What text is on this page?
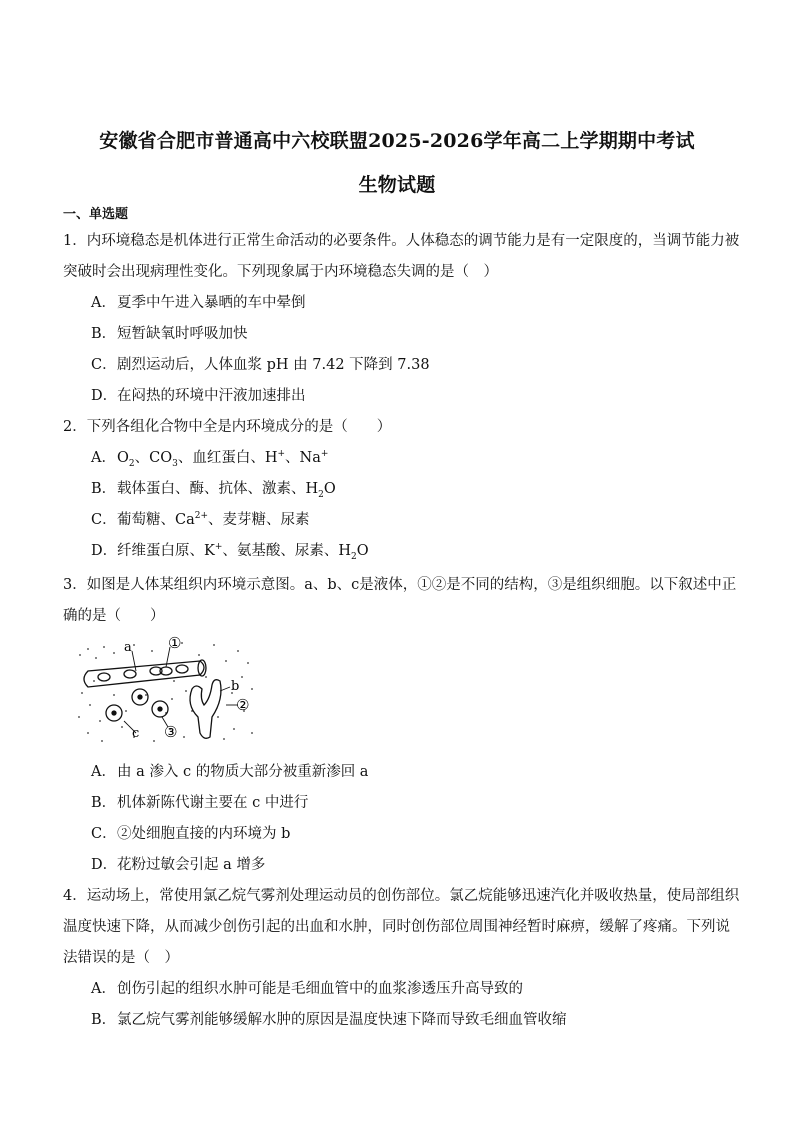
安徽省合肥市普通高中六校联盟2025-2026学年高二上学期期中考试
生物试题
一、单选题
1．内环境稳态是机体进行正常生命活动的必要条件。人体稳态的调节能力是有一定限度的，当调节能力被
突破时会出现病理性变化。下列现象属于内环境稳态失调的是（　）
A．夏季中午进入暴晒的车中晕倒
B．短暂缺氧时呼吸加快
C．剧烈运动后，人体血浆 pH 由 7.42 下降到 7.38
D．在闷热的环境中汗液加速排出
2．下列各组化合物中全是内环境成分的是（　　）
A．$O_2$、$CO_3$、血红蛋白、H+、Na+
B．载体蛋白、酶、抗体、激素、$H_2O$
C．葡萄糖、$Ca^{2+}$、麦芽糖、尿素
D．纤维蛋白原、K+、氨基酸、尿素、$H_2O$
3．如图是人体某组织内环境示意图。a、b、c是液体，①②是不同的结构，③是组织细胞。以下叙述中正
确的是（　　）
a ①
b
②
c ③
A．由 a 渗入 c 的物质大部分被重新渗回 a
B．机体新陈代谢主要在 c 中进行
C．②处细胞直接的内环境为 b
D．花粉过敏会引起 a 增多
4．运动场上，常使用氯乙烷气雾剂处理运动员的创伤部位。氯乙烷能够迅速汽化并吸收热量，使局部组织
温度快速下降，从而减少创伤引起的出血和水肿，同时创伤部位周围神经暂时麻痹，缓解了疼痛。下列说
法错误的是（　）
A．创伤引起的组织水肿可能是毛细血管中的血浆渗透压升高导致的
B．氯乙烷气雾剂能够缓解水肿的原因是温度快速下降而导致毛细血管收缩
